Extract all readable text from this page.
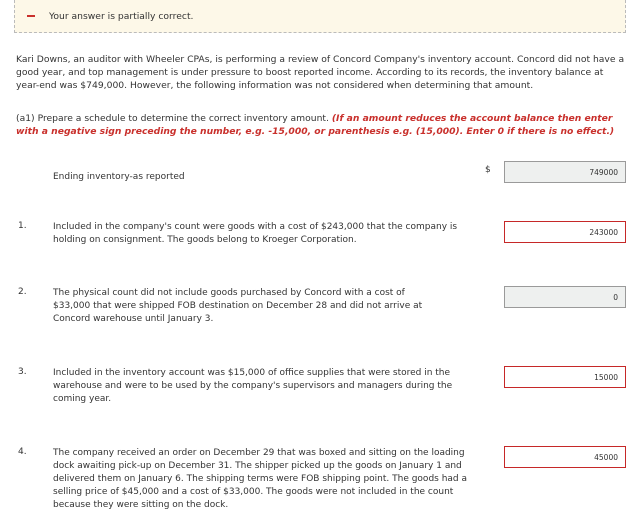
Your answer is partially correct.

Kari Downs, an auditor with Wheeler CPAs, is performing a review of Concord Company's inventory account. Concord did not have a good year, and top management is under pressure to boost reported income. According to its records, the inventory balance at year-end was $749,000. However, the following information was not considered when determining that amount.

(a1) Prepare a schedule to determine the correct inventory amount. (If an amount reduces the account balance then enter with a negative sign preceding the number, e.g. -15,000, or parenthesis e.g. (15,000). Enter 0 if there is no effect.)

Ending inventory-as reported
$
749000
1.	Included in the company's count were goods with a cost of $243,000 that the company is holding on consignment. The goods belong to Kroeger Corporation.
243000
2.	The physical count did not include goods purchased by Concord with a cost of $33,000 that were shipped FOB destination on December 28 and did not arrive at Concord warehouse until January 3.
0
3.	Included in the inventory account was $15,000 of office supplies that were stored in the warehouse and were to be used by the company's supervisors and managers during the coming year.
15000
4.	The company received an order on December 29 that was boxed and sitting on the loading dock awaiting pick-up on December 31. The shipper picked up the goods on January 1 and delivered them on January 6. The shipping terms were FOB shipping point. The goods had a selling price of $45,000 and a cost of $33,000. The goods were not included in the count because they were sitting on the dock.
45000
